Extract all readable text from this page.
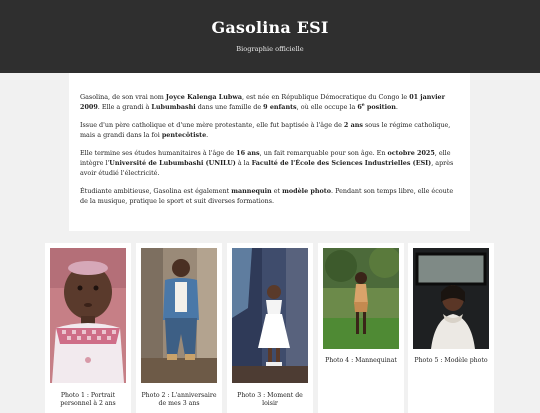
Gasolina ESI
Biographie officielle

Gasolina, de son vrai nom Joyce Kalenga Lubwa, est née en République Démocratique du Congo le 01 janvier 2009. Elle a grandi à Lubumbashi dans une famille de 9 enfants, où elle occupe la 6e position.

Issue d'un père catholique et d'une mère protestante, elle fut baptisée à l'âge de 2 ans sous le régime catholique, mais a grandi dans la foi pentecôtiste.

Elle termine ses études humanitaires à l'âge de 16 ans, un fait remarquable pour son âge. En octobre 2025, elle intègre l'Université de Lubumbashi (UNILU) à la Faculté de l'École des Sciences Industrielles (ESI), après avoir étudié l'électricité.

Étudiante ambitieuse, Gasolina est également mannequin et modèle photo. Pendant son temps libre, elle écoute de la musique, pratique le sport et suit diverses formations.

Photo 1 : Portrait personnel à 2 ans
Photo 2 : L'anniversaire de mes 3 ans
Photo 3 : Moment de loisir
Photo 4 : Mannequinat	Photo 5 : Modèle photo
